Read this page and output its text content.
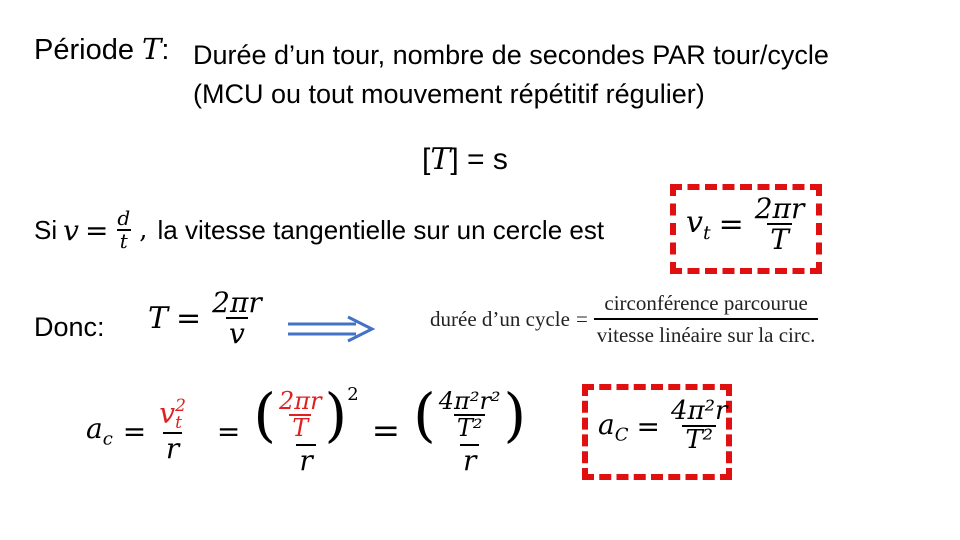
Période T: Durée d’un tour, nombre de secondes PAR tour/cycle
(MCU ou tout mouvement répétitif régulier)
[T] = s
Si $v = \frac{d}{t}$ , la vitesse tangentielle sur un cercle est	$v_t = \frac{2\pi r}{T}$
Donc: $T = \frac{2\pi r}{v}$	durée d’un cycle = $\frac{\text{circonférence parcourue}}{\text{vitesse linéaire sur la circ.}}$
$a_c = v$ 2
t
$r = \frac{( \frac{2\pi r}{T} )^2}{r} = \frac{( \frac{\text{4π²r²}}{\text{T²}} )}{r} a_C = \frac{\text{4π²r}}{\text{T²}}$
